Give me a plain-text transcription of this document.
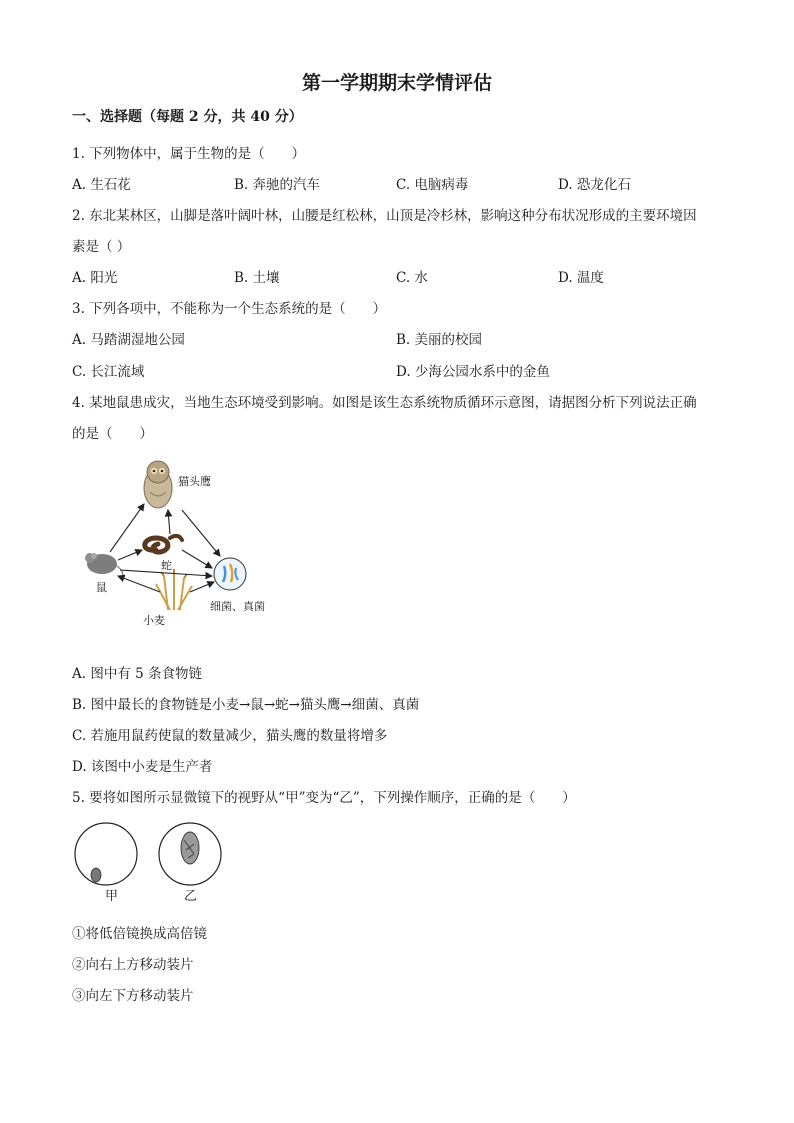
第一学期期末学情评估
一、选择题（每题 2 分，共 40 分）
1. 下列物体中，属于生物的是（　　）
A. 生石花	B. 奔驰的汽车	C. 电脑病毒	D. 恐龙化石
2. 东北某林区，山脚是落叶阔叶林，山腰是红松林，山顶是冷杉林，影响这种分布状况形成的主要环境因
素是（ ）
A. 阳光	B. 土壤	C. 水	D. 温度
3. 下列各项中，不能称为一个生态系统的是（　　）
A. 马踏湖湿地公园	B. 美丽的校园
C. 长江流域	D. 少海公园水系中的金鱼
4. 某地鼠患成灾，当地生态环境受到影响。如图是该生态系统物质循环示意图，请据图分析下列说法正确
的是（　　）
猫头鹰
蛇
鼠
小麦
细菌、真菌
A. 图中有 5 条食物链
B. 图中最长的食物链是小麦→鼠→蛇→猫头鹰→细菌、真菌
C. 若施用鼠药使鼠的数量减少，猫头鹰的数量将增多
D. 该图中小麦是生产者
5. 要将如图所示显微镜下的视野从“甲”变为“乙”，下列操作顺序，正确的是（　　）
甲	乙
①将低倍镜换成高倍镜
②向右上方移动装片
③向左下方移动装片
